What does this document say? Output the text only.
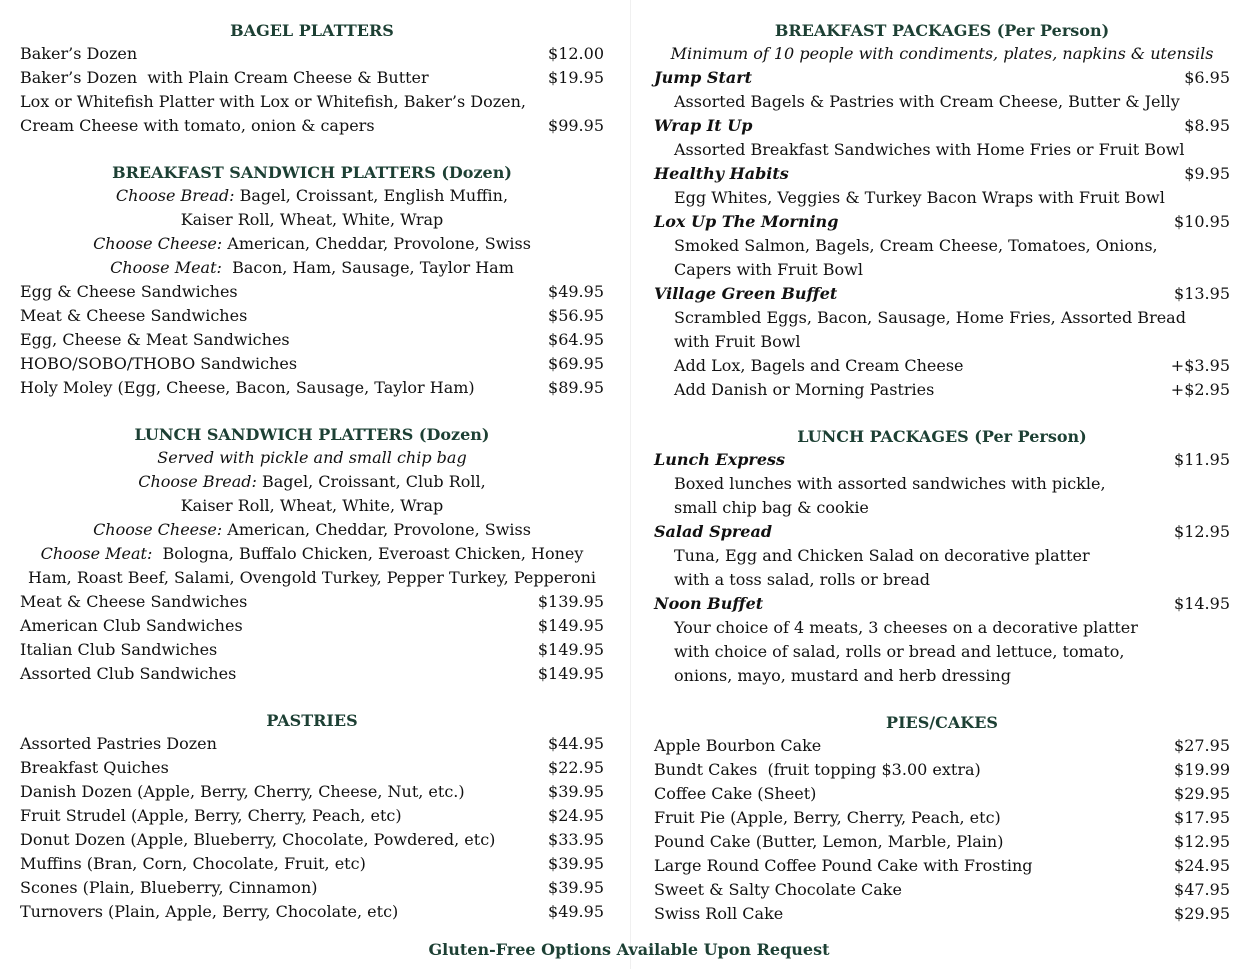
BAGEL PLATTERS
Baker’s Dozen	$12.00
Baker’s Dozen  with Plain Cream Cheese & Butter	$19.95
Lox or Whitefish Platter with Lox or Whitefish, Baker’s Dozen,
Cream Cheese with tomato, onion & capers	$99.95
BREAKFAST SANDWICH PLATTERS (Dozen)
Choose Bread: Bagel, Croissant, English Muffin,
Kaiser Roll, Wheat, White, Wrap
Choose Cheese: American, Cheddar, Provolone, Swiss
Choose Meat:  Bacon, Ham, Sausage, Taylor Ham
Egg & Cheese Sandwiches	$49.95
Meat & Cheese Sandwiches	$56.95
Egg, Cheese & Meat Sandwiches	$64.95
HOBO/SOBO/THOBO Sandwiches	$69.95
Holy Moley (Egg, Cheese, Bacon, Sausage, Taylor Ham)	$89.95
LUNCH SANDWICH PLATTERS (Dozen)
Served with pickle and small chip bag
Choose Bread: Bagel, Croissant, Club Roll,
Kaiser Roll, Wheat, White, Wrap
Choose Cheese: American, Cheddar, Provolone, Swiss
Choose Meat:  Bologna, Buffalo Chicken, Everoast Chicken, Honey
Ham, Roast Beef, Salami, Ovengold Turkey, Pepper Turkey, Pepperoni
Meat & Cheese Sandwiches	$139.95
American Club Sandwiches	$149.95
Italian Club Sandwiches	$149.95
Assorted Club Sandwiches	$149.95
PASTRIES
Assorted Pastries Dozen	$44.95
Breakfast Quiches	$22.95
Danish Dozen (Apple, Berry, Cherry, Cheese, Nut, etc.)	$39.95
Fruit Strudel (Apple, Berry, Cherry, Peach, etc)	$24.95
Donut Dozen (Apple, Blueberry, Chocolate, Powdered, etc)	$33.95
Muffins (Bran, Corn, Chocolate, Fruit, etc)	$39.95
Scones (Plain, Blueberry, Cinnamon)	$39.95
Turnovers (Plain, Apple, Berry, Chocolate, etc)	$49.95
BREAKFAST PACKAGES (Per Person)
Minimum of 10 people with condiments, plates, napkins & utensils
Jump Start	$6.95
Assorted Bagels & Pastries with Cream Cheese, Butter & Jelly
Wrap It Up	$8.95
Assorted Breakfast Sandwiches with Home Fries or Fruit Bowl
Healthy Habits	$9.95
Egg Whites, Veggies & Turkey Bacon Wraps with Fruit Bowl
Lox Up The Morning	$10.95
Smoked Salmon, Bagels, Cream Cheese, Tomatoes, Onions,
Capers with Fruit Bowl
Village Green Buffet	$13.95
Scrambled Eggs, Bacon, Sausage, Home Fries, Assorted Bread
with Fruit Bowl
Add Lox, Bagels and Cream Cheese	+$3.95
Add Danish or Morning Pastries	+$2.95
LUNCH PACKAGES (Per Person)
Lunch Express	$11.95
Boxed lunches with assorted sandwiches with pickle,
small chip bag & cookie
Salad Spread	$12.95
Tuna, Egg and Chicken Salad on decorative platter
with a toss salad, rolls or bread
Noon Buffet	$14.95
Your choice of 4 meats, 3 cheeses on a decorative platter
with choice of salad, rolls or bread and lettuce, tomato,
onions, mayo, mustard and herb dressing
PIES/CAKES
Apple Bourbon Cake	$27.95
Bundt Cakes  (fruit topping $3.00 extra)	$19.99
Coffee Cake (Sheet)	$29.95
Fruit Pie (Apple, Berry, Cherry, Peach, etc)	$17.95
Pound Cake (Butter, Lemon, Marble, Plain)	$12.95
Large Round Coffee Pound Cake with Frosting	$24.95
Sweet & Salty Chocolate Cake	$47.95
Swiss Roll Cake	$29.95
Gluten-Free Options Available Upon Request
